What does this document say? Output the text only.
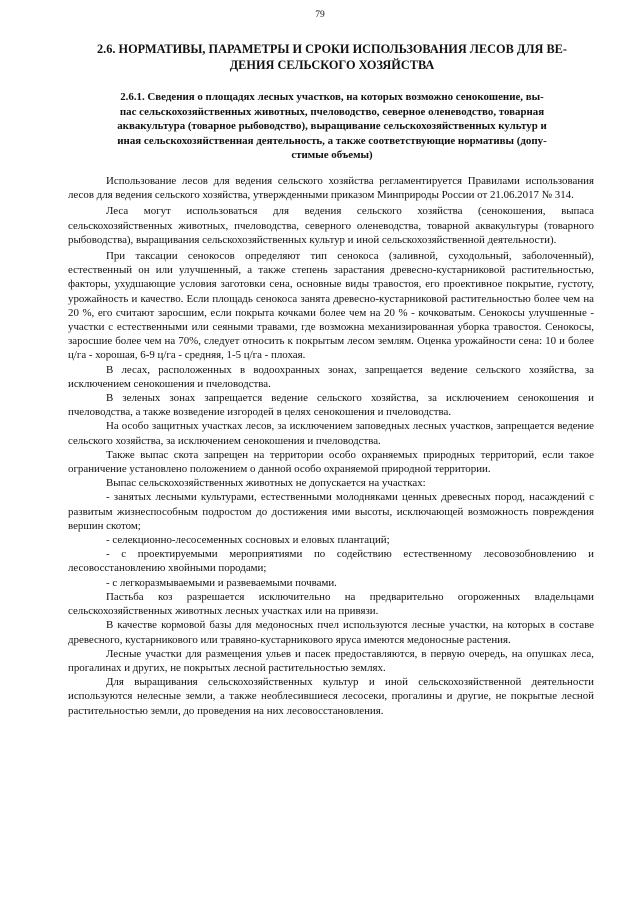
79
2.6. НОРМАТИВЫ, ПАРАМЕТРЫ И СРОКИ ИСПОЛЬЗОВАНИЯ ЛЕСОВ ДЛЯ ВЕ-
ДЕНИЯ СЕЛЬСКОГО ХОЗЯЙСТВА
2.6.1. Сведения о площадях лесных участков, на которых возможно сенокошение, вы-
пас сельскохозяйственных животных, пчеловодство, северное оленеводство, товарная
аквакультура (товарное рыбоводство), выращивание сельскохозяйственных культур и
иная сельскохозяйственная деятельность, а также соответствующие нормативы (допу-
стимые объемы)

Использование лесов для ведения сельского хозяйства регламентируется Правилами использования лесов для ведения сельского хозяйства, утвержденными приказом Минприроды России от 21.06.2017 № 314.

Леса могут использоваться для ведения сельского хозяйства (сенокошения, выпаса сельскохозяйственных животных, пчеловодства, северного оленеводства, товарной аквакультуры (товарного рыбоводства), выращивания сельскохозяйственных культур и иной сельскохозяйственной деятельности).

При таксации сенокосов определяют тип сенокоса (заливной, суходольный, заболоченный), естественный он или улучшенный, а также степень зарастания древесно-кустарниковой растительностью, факторы, ухудшающие условия заготовки сена, основные виды травостоя, его проективное покрытие, густоту, урожайность и качество. Если площадь сенокоса занята древесно-кустарниковой растительностью более чем на 20 %, его считают заросшим, если покрыта кочками более чем на 20 % - кочковатым. Сенокосы улучшенные - участки с естественными или сеяными травами, где возможна механизированная уборка травостоя. Сенокосы, заросшие более чем на 70%, следует относить к покрытым лесом землям. Оценка урожайности сена: 10 и более ц/га - хорошая, 6-9 ц/га - средняя, 1-5 ц/га - плохая.

В лесах, расположенных в водоохранных зонах, запрещается ведение сельского хозяйства, за исключением сенокошения и пчеловодства.

В зеленых зонах запрещается ведение сельского хозяйства, за исключением сенокошения и пчеловодства, а также возведение изгородей в целях сенокошения и пчеловодства.

На особо защитных участках лесов, за исключением заповедных лесных участков, запрещается ведение сельского хозяйства, за исключением сенокошения и пчеловодства.

Также выпас скота запрещен на территории особо охраняемых природных территорий, если такое ограничение установлено положением о данной особо охраняемой природной территории.

Выпас сельскохозяйственных животных не допускается на участках:

- занятых лесными культурами, естественными молодняками ценных древесных пород, насаждений с развитым жизнеспособным подростом до достижения ими высоты, исключающей возможность повреждения вершин скотом;

- селекционно-лесосеменных сосновых и еловых плантаций;

- с проектируемыми мероприятиями по содействию естественному лесовозобновлению и лесовосстановлению хвойными породами;

- с легкоразмываемыми и развеваемыми почвами.

Пастьба коз разрешается исключительно на предварительно огороженных владельцами сельскохозяйственных животных лесных участках или на привязи.

В качестве кормовой базы для медоносных пчел используются лесные участки, на которых в составе древесного, кустарникового или травяно-кустарникового яруса имеются медоносные растения.

Лесные участки для размещения ульев и пасек предоставляются, в первую очередь, на опушках леса, прогалинах и других, не покрытых лесной растительностью землях.

Для выращивания сельскохозяйственных культур и иной сельскохозяйственной деятельности используются нелесные земли, а также необлесившиеся лесосеки, прогалины и другие, не покрытые лесной растительностью земли, до проведения на них лесовосстановления.
